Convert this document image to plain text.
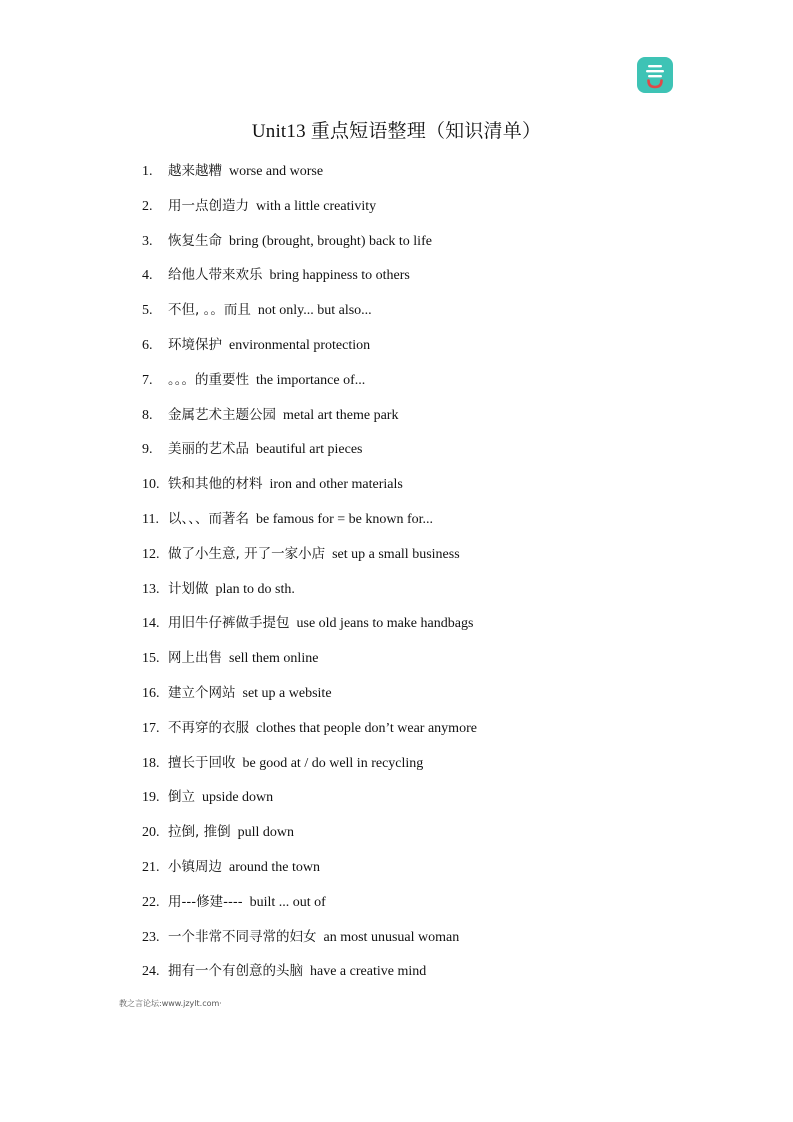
Unit13 重点短语整理（知识清单）
1. 越来越糟 worse and worse
2. 用一点创造力 with a little creativity
3. 恢复生命 bring (brought, brought) back to life
4. 给他人带来欢乐 bring happiness to others
5. 不但, 。。而且 not only... but also...
6. 环境保护 environmental protection
7. 。。。的重要性 the importance of...
8. 金属艺术主题公园 metal art theme park
9. 美丽的艺术品 beautiful art pieces
10. 铁和其他的材料 iron and other materials
11. 以、、、而著名 be famous for = be known for...
12. 做了小生意, 开了一家小店 set up a small business
13. 计划做 plan to do sth.
14. 用旧牛仔裤做手提包 use old jeans to make handbags
15. 网上出售 sell them online
16. 建立个网站 set up a website
17. 不再穿的衣服 clothes that people don’t wear anymore
18. 擅长于回收 be good at / do well in recycling
19. 倒立 upside down
20. 拉倒, 推倒 pull down
21. 小镇周边 around the town
22. 用---修建---- built ... out of
23. 一个非常不同寻常的妇女 an most unusual woman
24. 拥有一个有创意的头脑 have a creative mind
教之言论坛:www.jzylt.com·
